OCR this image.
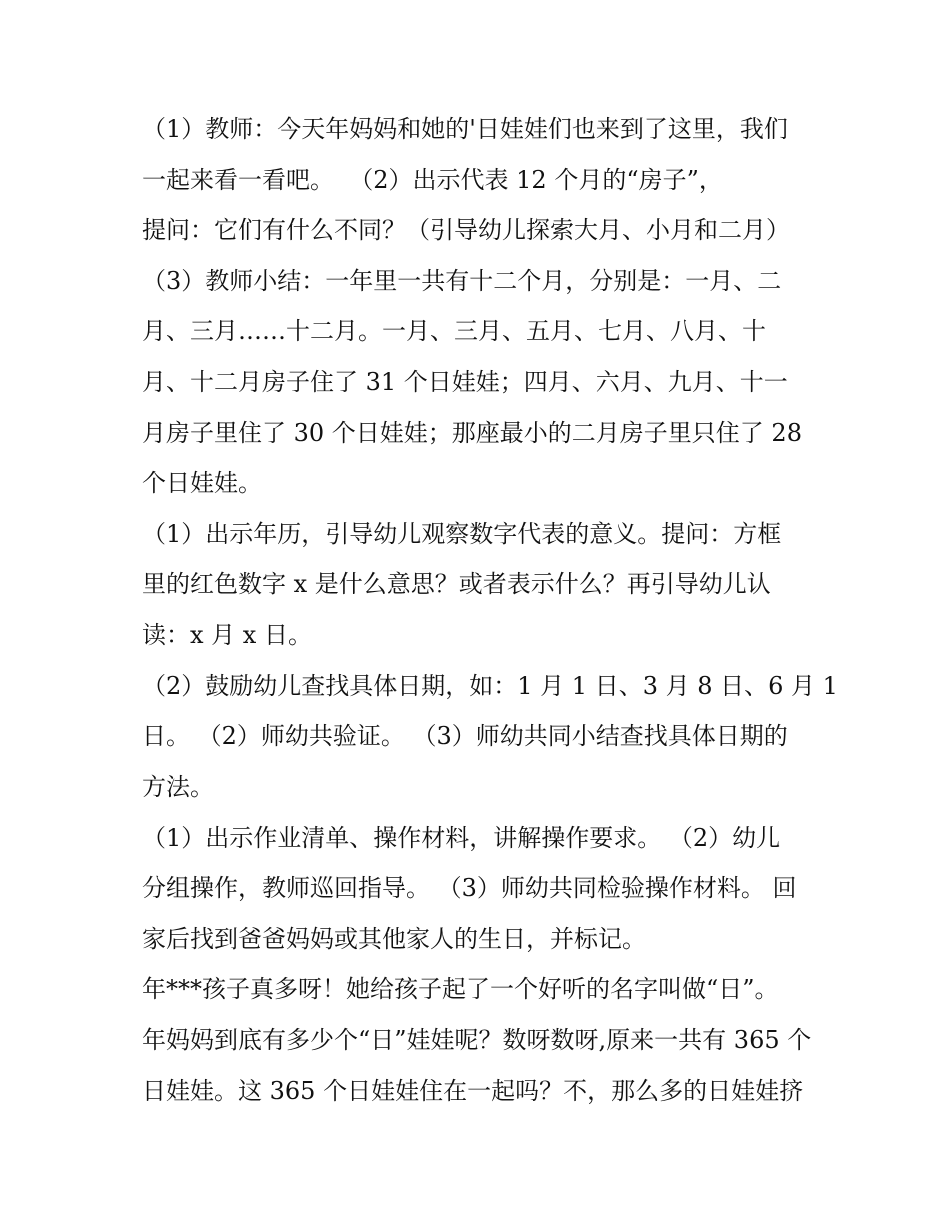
（1）教师：今天年妈妈和她的'日娃娃们也来到了这里，我们
一起来看一看吧。  （2）出示代表 12 个月的“房子”，
提问：它们有什么不同？（引导幼儿探索大月、小月和二月）
（3）教师小结：一年里一共有十二个月，分别是：一月、二
月、三月……十二月。一月、三月、五月、七月、八月、十
月、十二月房子住了 31 个日娃娃；四月、六月、九月、十一
月房子里住了 30 个日娃娃；那座最小的二月房子里只住了 28
个日娃娃。
（1）出示年历，引导幼儿观察数字代表的意义。提问：方框
里的红色数字 x 是什么意思？或者表示什么？再引导幼儿认
读：x 月 x 日。
（2）鼓励幼儿查找具体日期，如：1 月 1 日、3 月 8 日、6 月 1
日。 （2）师幼共验证。 （3）师幼共同小结查找具体日期的
方法。
（1）出示作业清单、操作材料，讲解操作要求。 （2）幼儿
分组操作，教师巡回指导。 （3）师幼共同检验操作材料。 回
家后找到爸爸妈妈或其他家人的生日，并标记。
年***孩子真多呀！她给孩子起了一个好听的名字叫做“日”。
年妈妈到底有多少个“日”娃娃呢？数呀数呀,原来一共有 365 个
日娃娃。这 365 个日娃娃住在一起吗？不，那么多的日娃娃挤
